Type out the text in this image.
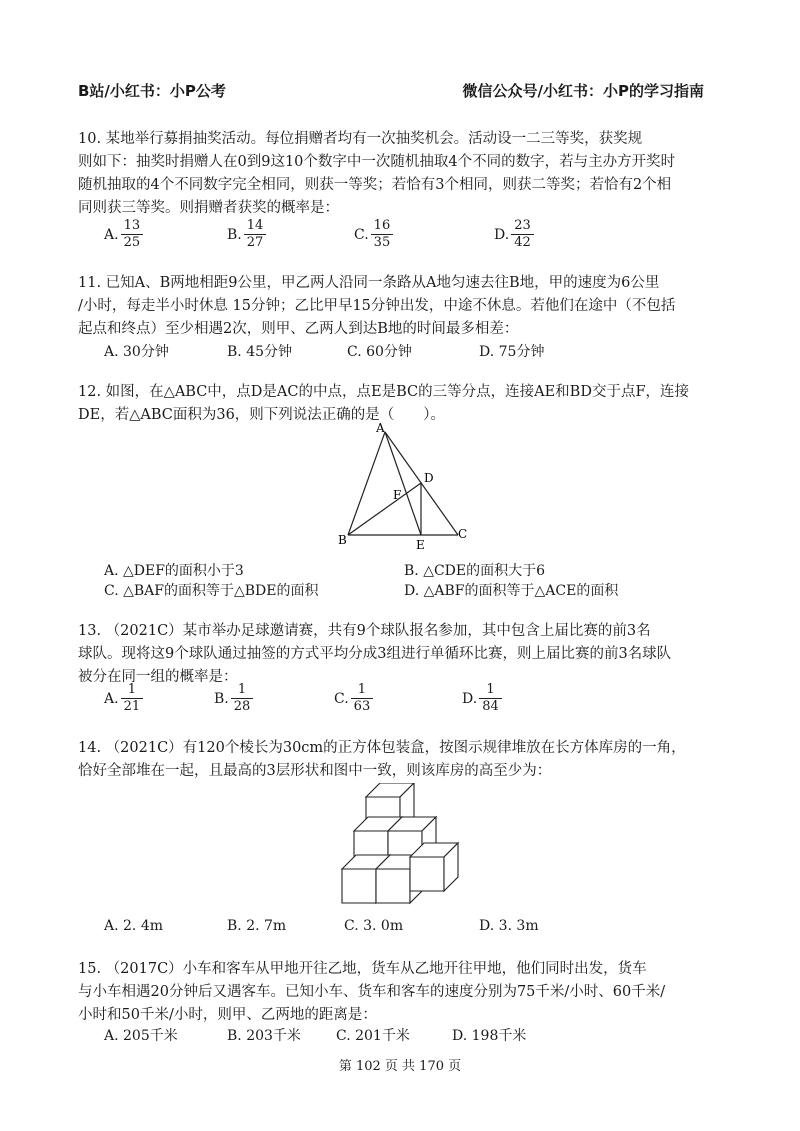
B站/小红书：小P公考	微信公众号/小红书：小P的学习指南
10. 某地举行募捐抽奖活动。每位捐赠者均有一次抽奖机会。活动设一二三等奖，获奖规
则如下：抽奖时捐赠人在0到9这10个数字中一次随机抽取4个不同的数字，若与主办方开奖时
随机抽取的4个不同数字完全相同，则获一等奖；若恰有3个相同，则获二等奖；若恰有2个相
同则获三等奖。则捐赠者获奖的概率是：
A. $\frac{13}{25}$	B. $\frac{14}{27}$	C. $\frac{16}{35}$	D. $\frac{23}{42}$
11. 已知A、B两地相距9公里，甲乙两人沿同一条路从A地匀速去往B地，甲的速度为6公里
/小时，每走半小时休息 15分钟；乙比甲早15分钟出发，中途不休息。若他们在途中（不包括
起点和终点）至少相遇2次，则甲、乙两人到达B地的时间最多相差：
A. 30分钟	B. 45分钟	C. 60分钟	D. 75分钟
12. 如图，在△ABC中，点D是AC的中点，点E是BC的三等分点，连接AE和BD交于点F，连接
DE，若△ABC面积为36，则下列说法正确的是（　　）。
A
B	C
D
E
F
A. △DEF的面积小于3	B. △CDE的面积大于6
C. △BAF的面积等于△BDE的面积	D. △ABF的面积等于△ACE的面积
13. （2021C）某市举办足球邀请赛，共有9个球队报名参加，其中包含上届比赛的前3名
球队。现将这9个球队通过抽签的方式平均分成3组进行单循环比赛，则上届比赛的前3名球队
被分在同一组的概率是：
A. $\frac{1}{21}$	B. $\frac{1}{28}$	C. $\frac{1}{63}$	D. $\frac{1}{84}$
14. （2021C）有120个棱长为30cm的正方体包装盒，按图示规律堆放在长方体库房的一角，
恰好全部堆在一起，且最高的3层形状和图中一致，则该库房的高至少为：
A. 2. 4m	B. 2. 7m	C. 3. 0m	D. 3. 3m
15. （2017C）小车和客车从甲地开往乙地，货车从乙地开往甲地，他们同时出发，货车
与小车相遇20分钟后又遇客车。已知小车、货车和客车的速度分别为75千米/小时、60千米/
小时和50千米/小时，则甲、乙两地的距离是：
A. 205千米	B. 203千米	C. 201千米	D. 198千米
第 102 页 共 170 页
